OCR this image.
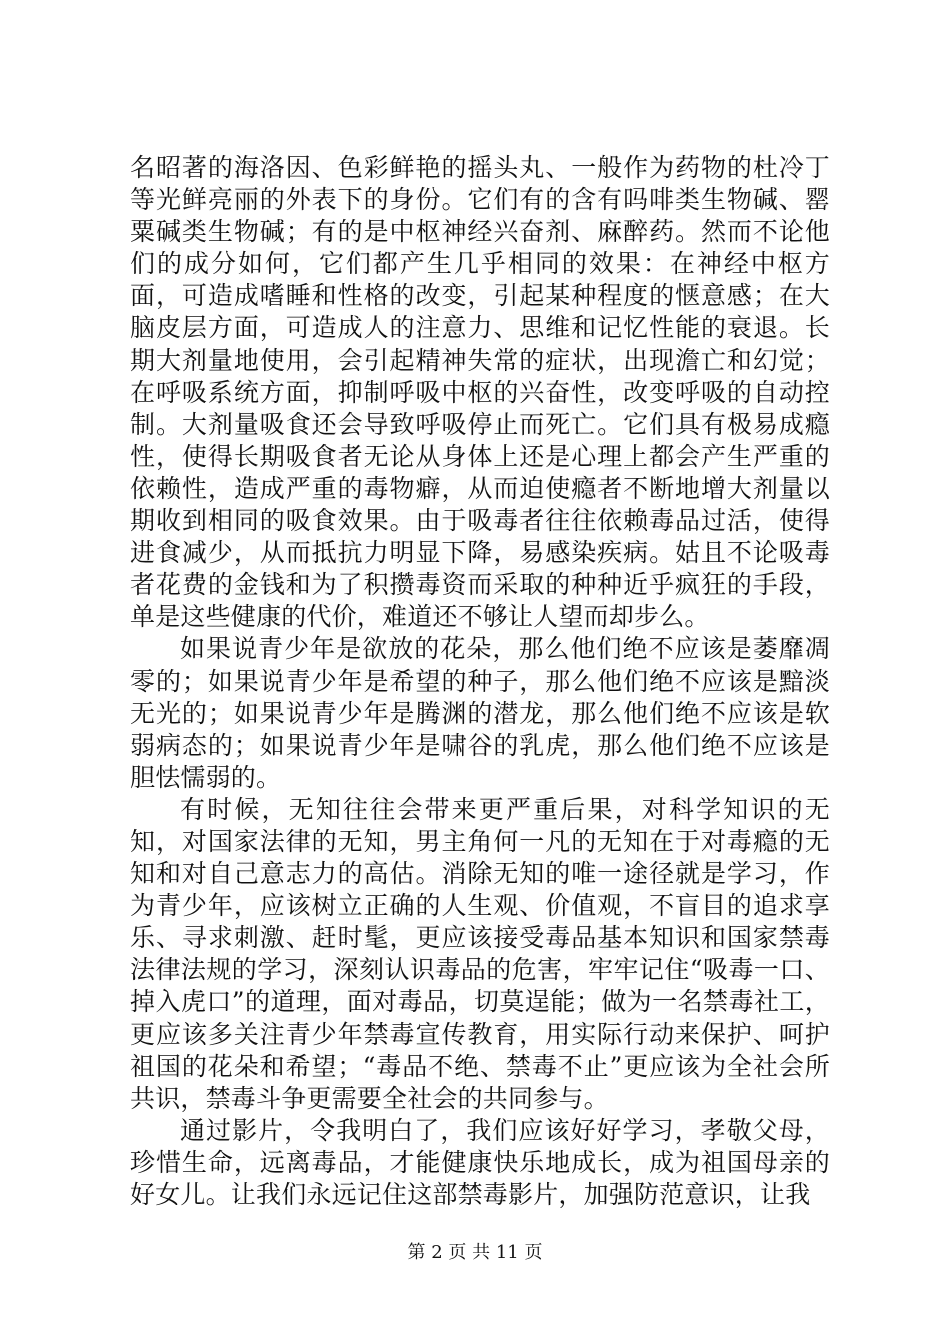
名昭著的海洛因、色彩鲜艳的摇头丸、一般作为药物的杜冷丁等光鲜亮丽的外表下的身份。它们有的含有吗啡类生物碱、罂粟碱类生物碱；有的是中枢神经兴奋剂、麻醉药。然而不论他们的成分如何，它们都产生几乎相同的效果：在神经中枢方面，可造成嗜睡和性格的改变，引起某种程度的惬意感；在大脑皮层方面，可造成人的注意力、思维和记忆性能的衰退。长期大剂量地使用，会引起精神失常的症状，出现澹亡和幻觉；在呼吸系统方面，抑制呼吸中枢的兴奋性，改变呼吸的自动控制。大剂量吸食还会导致呼吸停止而死亡。它们具有极易成瘾性，使得长期吸食者无论从身体上还是心理上都会产生严重的依赖性，造成严重的毒物癖，从而迫使瘾者不断地增大剂量以期收到相同的吸食效果。由于吸毒者往往依赖毒品过活，使得进食减少，从而抵抗力明显下降，易感染疾病。姑且不论吸毒者花费的金钱和为了积攒毒资而采取的种种近乎疯狂的手段，单是这些健康的代价，难道还不够让人望而却步么。

如果说青少年是欲放的花朵，那么他们绝不应该是萎靡凋零的；如果说青少年是希望的种子，那么他们绝不应该是黯淡无光的；如果说青少年是腾渊的潜龙，那么他们绝不应该是软弱病态的；如果说青少年是啸谷的乳虎，那么他们绝不应该是胆怯懦弱的。

有时候，无知往往会带来更严重后果，对科学知识的无知，对国家法律的无知，男主角何一凡的无知在于对毒瘾的无知和对自己意志力的高估。消除无知的唯一途径就是学习，作为青少年，应该树立正确的人生观、价值观，不盲目的追求享乐、寻求刺激、赶时髦，更应该接受毒品基本知识和国家禁毒法律法规的学习，深刻认识毒品的危害，牢牢记住“吸毒一口、掉入虎口”的道理，面对毒品，切莫逞能；做为一名禁毒社工，更应该多关注青少年禁毒宣传教育，用实际行动来保护、呵护祖国的花朵和希望；“毒品不绝、禁毒不止”更应该为全社会所共识，禁毒斗争更需要全社会的共同参与。

通过影片，令我明白了，我们应该好好学习，孝敬父母，珍惜生命，远离毒品，才能健康快乐地成长，成为祖国母亲的好女儿。让我们永远记住这部禁毒影片，加强防范意识，让我

第 2 页 共 11 页
